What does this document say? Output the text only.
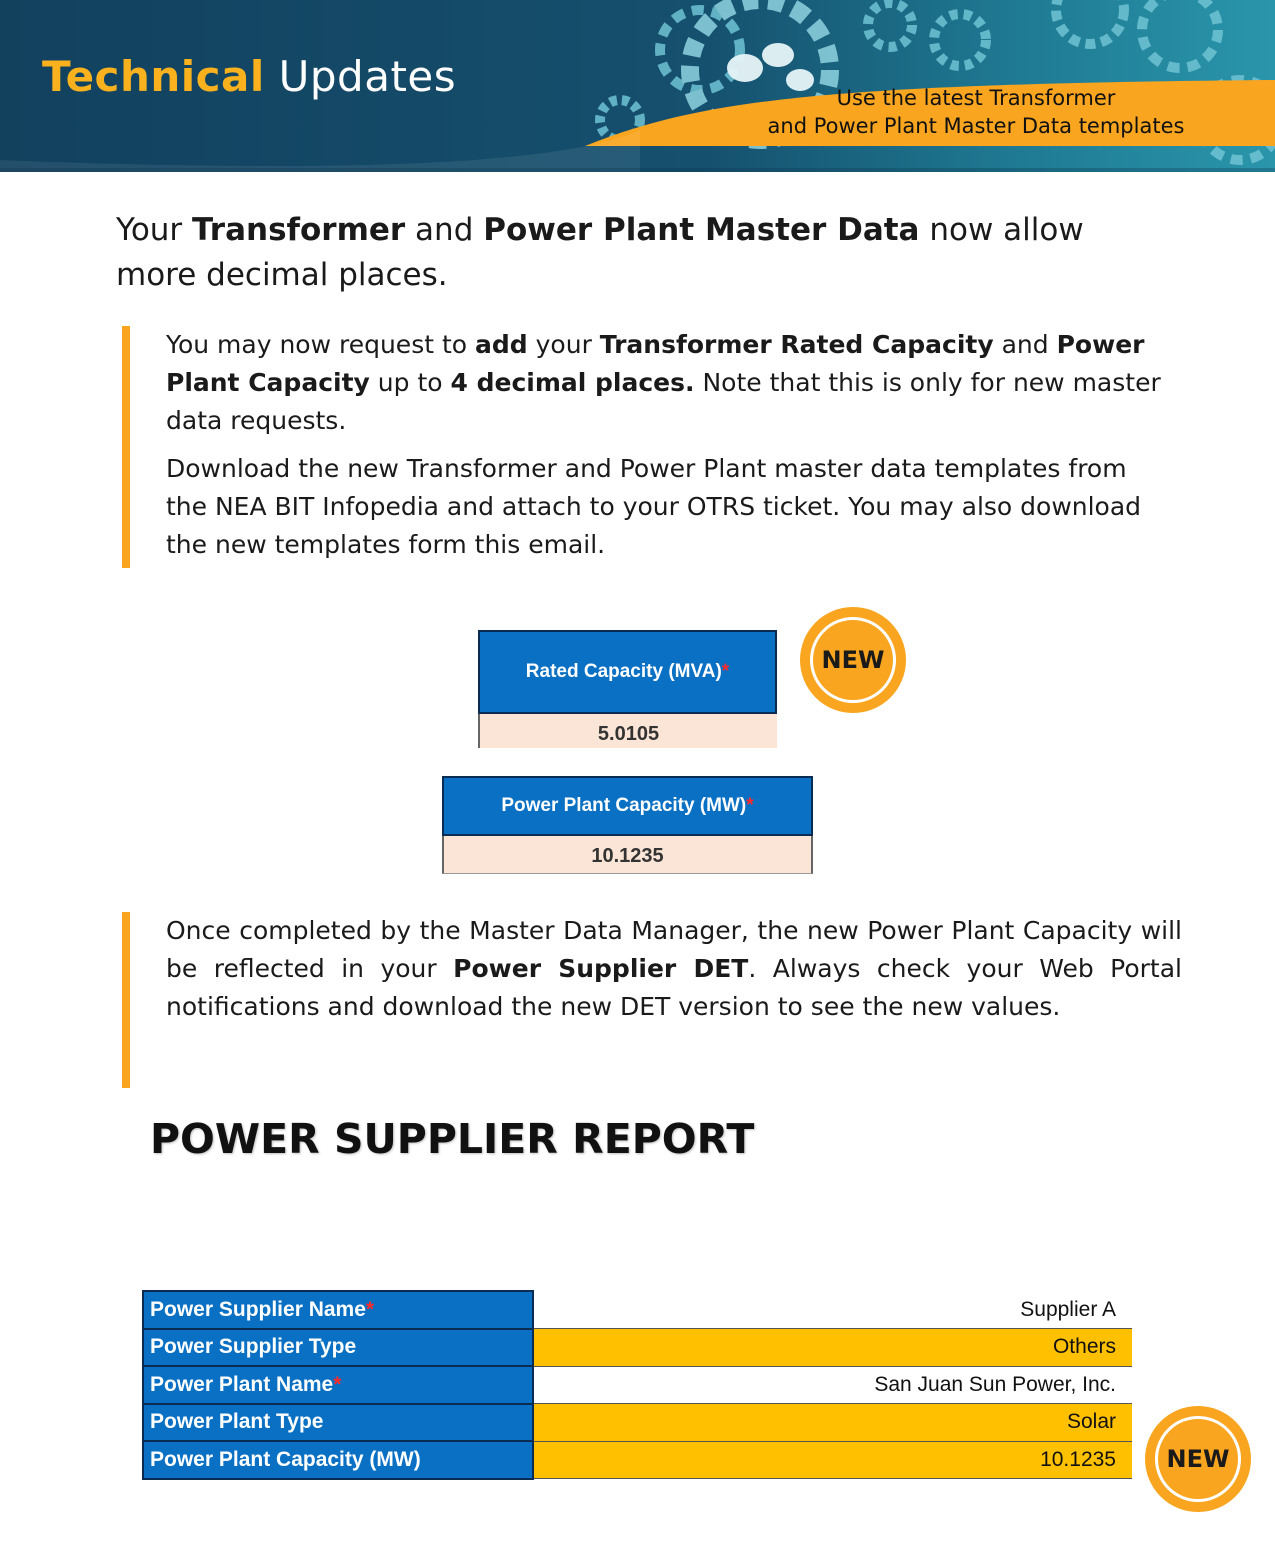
Technical Updates	Use the latest Transformer
and Power Plant Master Data templates
Your Transformer and Power Plant Master Data now allow more decimal places.

You may now request to add your Transformer Rated Capacity and Power Plant Capacity up to 4 decimal places. Note that this is only for new master data requests.

Download the new Transformer and Power Plant master data templates from the NEA BIT Infopedia and attach to your OTRS ticket. You may also download the new templates form this email.

Rated Capacity (MVA) *
5.0105
NEW
Power Plant Capacity (MW) *
10.1235

Once completed by the Master Data Manager, the new Power Plant Capacity will be reflected in your Power Supplier DET. Always check your Web Portal notifications and download the new DET version to see the new values.

POWER SUPPLIER REPORT
Power Supplier Name*	Supplier A
Power Supplier Type	Others
Power Plant Name*	San Juan Sun Power, Inc.
Power Plant Type	Solar
Power Plant Capacity (MW)	10.1235	NEW
